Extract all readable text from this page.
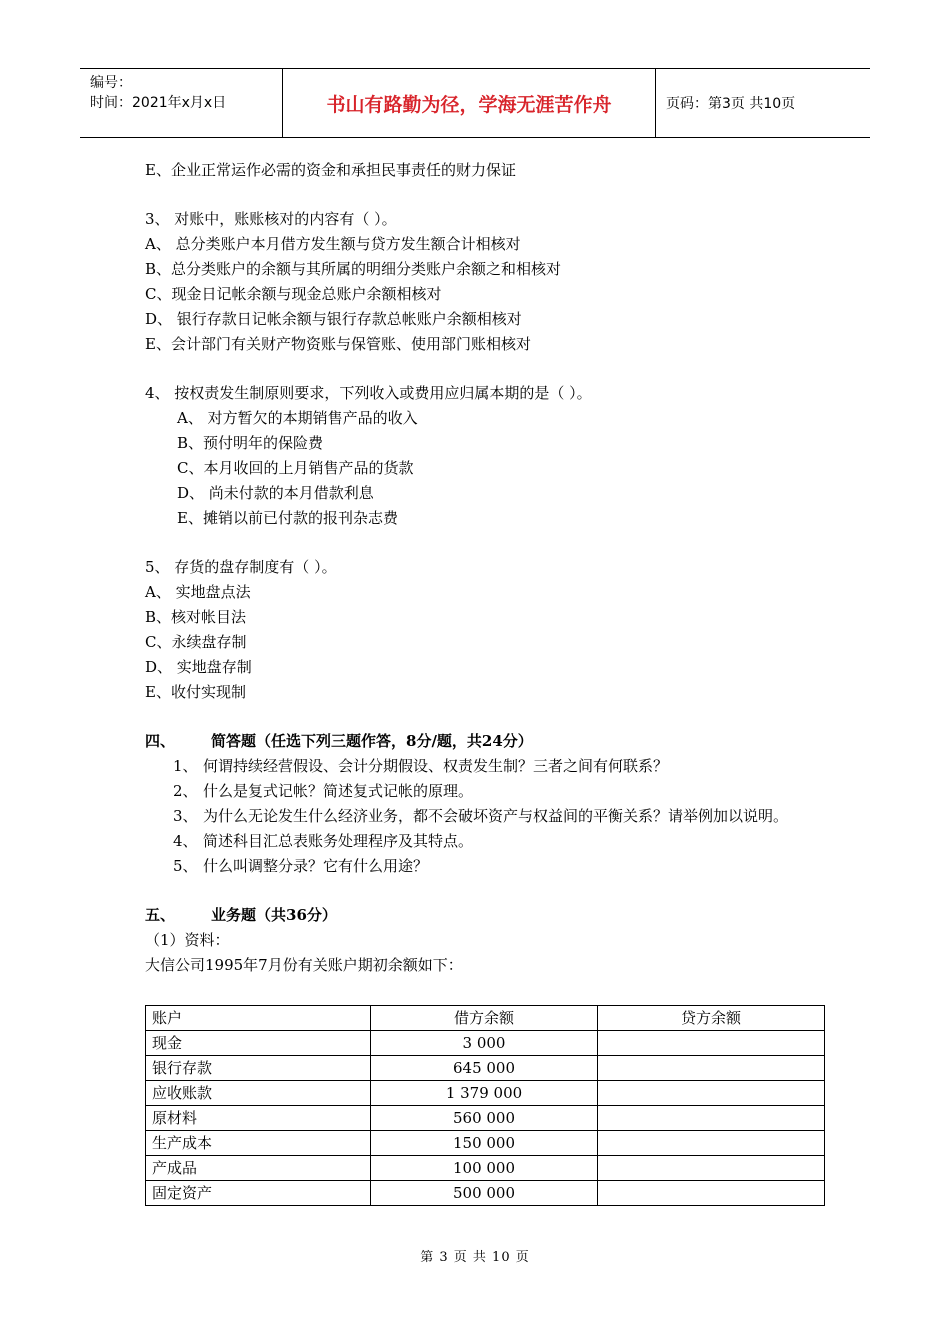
编号：
时间：2021年x月x日	书山有路勤为径，学海无涯苦作舟	页码：第3页 共10页
E、企业正常运作必需的资金和承担民事责任的财力保证
3、 对账中，账账核对的内容有（ ）。
A、 总分类账户本月借方发生额与贷方发生额合计相核对
B、总分类账户的余额与其所属的明细分类账户余额之和相核对
C、现金日记帐余额与现金总账户余额相核对
D、 银行存款日记帐余额与银行存款总帐账户余额相核对
E、会计部门有关财产物资账与保管账、使用部门账相核对
4、 按权责发生制原则要求，下列收入或费用应归属本期的是（ ）。
A、 对方暂欠的本期销售产品的收入
B、预付明年的保险费
C、本月收回的上月销售产品的货款
D、 尚未付款的本月借款利息
E、摊销以前已付款的报刊杂志费
5、 存货的盘存制度有（ ）。
A、 实地盘点法
B、核对帐目法
C、永续盘存制
D、 实地盘存制
E、收付实现制
四、	简答题（任选下列三题作答，8分/题，共24分）
1、 何谓持续经营假设、会计分期假设、权责发生制？三者之间有何联系？
2、 什么是复式记帐？简述复式记帐的原理。
3、 为什么无论发生什么经济业务，都不会破坏资产与权益间的平衡关系？请举例加以说明。
4、 简述科目汇总表账务处理程序及其特点。
5、 什么叫调整分录？它有什么用途？
五、	业务题（共36分）
（1）资料：
大信公司1995年7月份有关账户期初余额如下：
账户	借方余额	贷方余额
现金	3 000	
银行存款	645 000	
应收账款	1 379 000	
原材料	560 000	
生产成本	150 000	
产成品	100 000	
固定资产	500 000	
第 3 页 共 10 页
